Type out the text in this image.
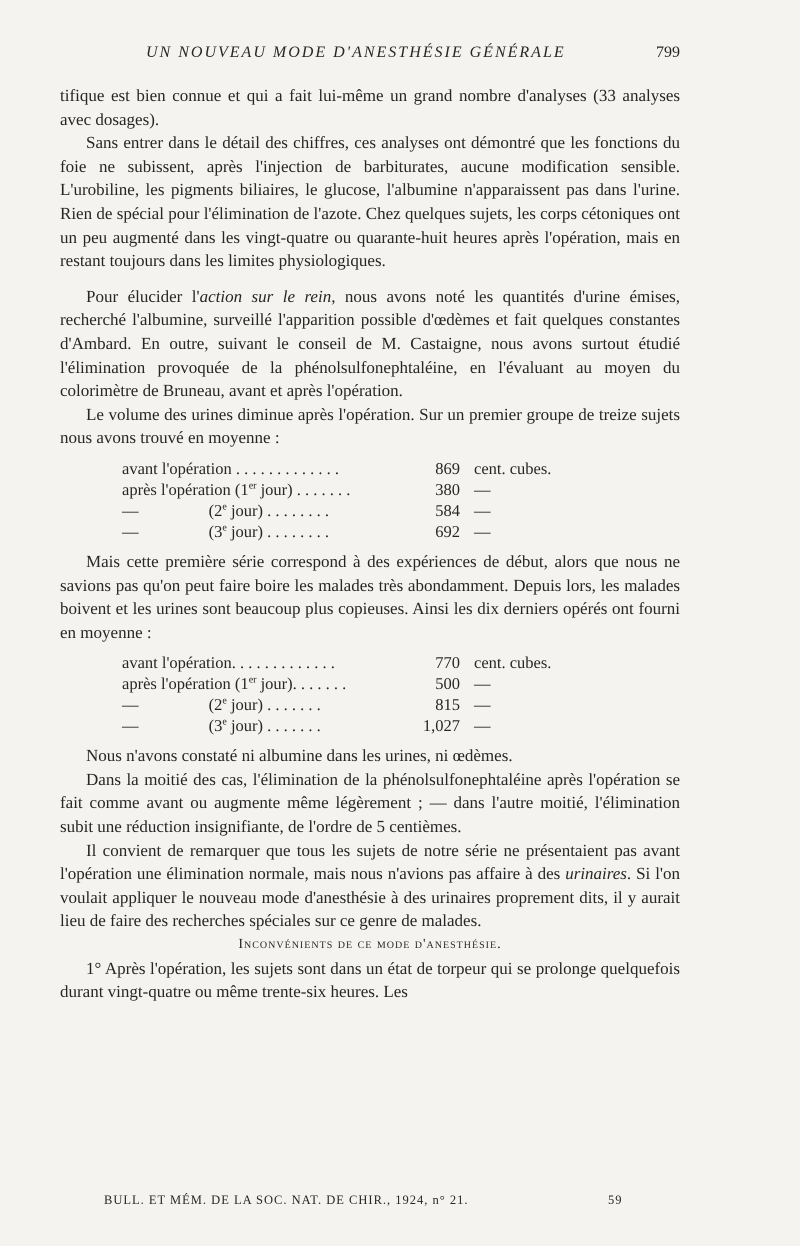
UN NOUVEAU MODE D'ANESTHÉSIE GÉNÉRALE	799

tifique est bien connue et qui a fait lui-même un grand nombre d'analyses (33 analyses avec dosages).

Sans entrer dans le détail des chiffres, ces analyses ont démontré que les fonctions du foie ne subissent, après l'injection de barbiturates, aucune modification sensible. L'urobiline, les pigments biliaires, le glucose, l'albumine n'apparaissent pas dans l'urine. Rien de spécial pour l'élimination de l'azote. Chez quelques sujets, les corps cétoniques ont un peu augmenté dans les vingt-quatre ou quarante-huit heures après l'opération, mais en restant toujours dans les limites physiologiques.

Pour élucider l'action sur le rein, nous avons noté les quantités d'urine émises, recherché l'albumine, surveillé l'apparition possible d'œdèmes et fait quelques constantes d'Ambard. En outre, suivant le conseil de M. Castaigne, nous avons surtout étudié l'élimination provoquée de la phénolsulfonephtaléine, en l'évaluant au moyen du colorimètre de Bruneau, avant et après l'opération.

Le volume des urines diminue après l'opération. Sur un premier groupe de treize sujets nous avons trouvé en moyenne :

avant l'opération . . . . . . . . . . . . .	869 cent. cubes.
après l'opération (1er jour) . . . . . . .	380 —
—                 (2e jour) . . . . . . . .	584 —
—                 (3e jour) . . . . . . . .	692 —

Mais cette première série correspond à des expériences de début, alors que nous ne savions pas qu'on peut faire boire les malades très abondamment. Depuis lors, les malades boivent et les urines sont beaucoup plus copieuses. Ainsi les dix derniers opérés ont fourni en moyenne :

avant l'opération. . . . . . . . . . . . .	770 cent. cubes.
après l'opération (1er jour). . . . . . .	500 —
—                 (2e jour) . . . . . . .	815 —
—                 (3e jour) . . . . . . .	1,027 —

Nous n'avons constaté ni albumine dans les urines, ni œdèmes.

Dans la moitié des cas, l'élimination de la phénolsulfonephtaléine après l'opération se fait comme avant ou augmente même légèrement ; — dans l'autre moitié, l'élimination subit une réduction insignifiante, de l'ordre de 5 centièmes.

Il convient de remarquer que tous les sujets de notre série ne présentaient pas avant l'opération une élimination normale, mais nous n'avions pas affaire à des urinaires. Si l'on voulait appliquer le nouveau mode d'anesthésie à des urinaires proprement dits, il y aurait lieu de faire des recherches spéciales sur ce genre de malades.

Inconvénients de ce mode d'anesthésie.

1° Après l'opération, les sujets sont dans un état de torpeur qui se prolonge quelquefois durant vingt-quatre ou même trente-six heures. Les

BULL. ET MÉM. DE LA SOC. NAT. DE CHIR., 1924, n° 21.	59
